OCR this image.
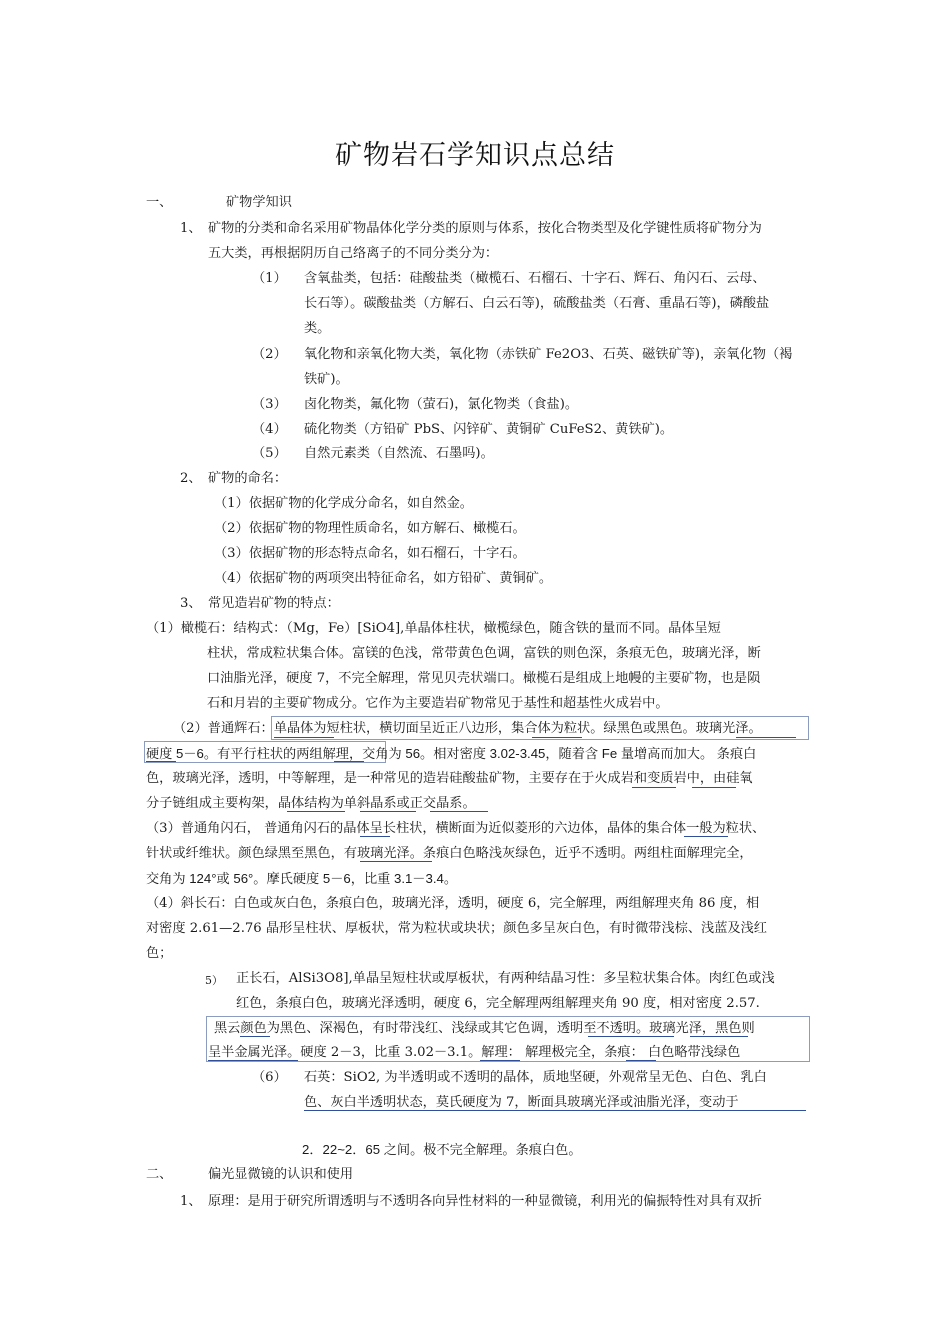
矿物岩石学知识点总结
一、	矿物学知识
1、 矿物的分类和命名采用矿物晶体化学分类的原则与体系，按化合物类型及化学键性质将矿物分为
五大类，再根据阴历自己络离子的不同分类分为：
（1） 含氧盐类，包括：硅酸盐类（橄榄石、石榴石、十字石、辉石、角闪石、云母、
长石等）。碳酸盐类（方解石、白云石等)，硫酸盐类（石膏、重晶石等)，磷酸盐
类。
（2） 氧化物和亲氧化物大类，氧化物（赤铁矿 Fe2O3、石英、磁铁矿等)，亲氧化物（褐
铁矿)。
（3） 卤化物类，氟化物（萤石)，氯化物类（食盐)。
（4） 硫化物类（方铅矿 PbS、闪锌矿、黄铜矿 CuFeS2、黄铁矿)。
（5） 自然元素类（自然流、石墨吗)。
2、 矿物的命名：
（1）依据矿物的化学成分命名，如自然金。
（2）依据矿物的物理性质命名，如方解石、橄榄石。
（3）依据矿物的形态特点命名，如石榴石，十字石。
（4）依据矿物的两项突出特征命名，如方铅矿、黄铜矿。
3、 常见造岩矿物的特点：
（1）橄榄石：结构式：（Mg，Fe）[SiO4],单晶体柱状，橄榄绿色，随含铁的量而不同。晶体呈短
柱状，常成粒状集合体。富镁的色浅，常带黄色色调，富铁的则色深，条痕无色，玻璃光泽，断
口油脂光泽，硬度 7，不完全解理，常见贝壳状端口。橄榄石是组成上地幔的主要矿物，也是陨
石和月岩的主要矿物成分。它作为主要造岩矿物常见于基性和超基性火成岩中。
（2）普通辉石：单晶体为短柱状，横切面呈近正八边形，集合体为粒状。绿黑色或黑色。玻璃光泽。
硬度 5－6。有平行柱状的两组解理，交角为 56。相对密度 3.02-3.45，随着含 Fe 量增高而加大。 条痕白
色，玻璃光泽，透明，中等解理，是一种常见的造岩硅酸盐矿物，主要存在于火成岩和变质岩中，由硅氧
分子链组成主要构架，晶体结构为单斜晶系或正交晶系。
（3）普通角闪石， 普通角闪石的晶体呈长柱状，横断面为近似菱形的六边体，晶体的集合体一般为粒状、
针状或纤维状。颜色绿黑至黑色，有玻璃光泽。条痕白色略浅灰绿色，近乎不透明。两组柱面解理完全，
交角为 124°或 56°。摩氏硬度 5－6，比重 3.1－3.4。
（4）斜长石：白色或灰白色，条痕白色，玻璃光泽，透明，硬度 6，完全解理，两组解理夹角 86 度，相
对密度 2.61—2.76 晶形呈柱状、厚板状，常为粒状或块状；颜色多呈灰白色，有时微带浅棕、浅蓝及浅红
色；
5） 正长石，AlSi3O8],单晶呈短柱状或厚板状，有两种结晶习性：多呈粒状集合体。肉红色或浅
红色，条痕白色，玻璃光泽透明，硬度 6，完全解理两组解理夹角 90 度，相对密度 2.57.
黑云颜色为黑色、深褐色，有时带浅红、浅绿或其它色调，透明至不透明。玻璃光泽，黑色则
呈半金属光泽。硬度 2－3，比重 3.02－3.1。解理： 解理极完全，条痕： 白色略带浅绿色
（6） 石英：SiO2, 为半透明或不透明的晶体，质地坚硬，外观常呈无色、白色、乳白
色、灰白半透明状态，莫氏硬度为 7，断面具玻璃光泽或油脂光泽，变动于
2．22~2．65 之间。极不完全解理。条痕白色。
二、	偏光显微镜的认识和使用
1、 原理：是用于研究所谓透明与不透明各向异性材料的一种显微镜，利用光的偏振特性对具有双折
